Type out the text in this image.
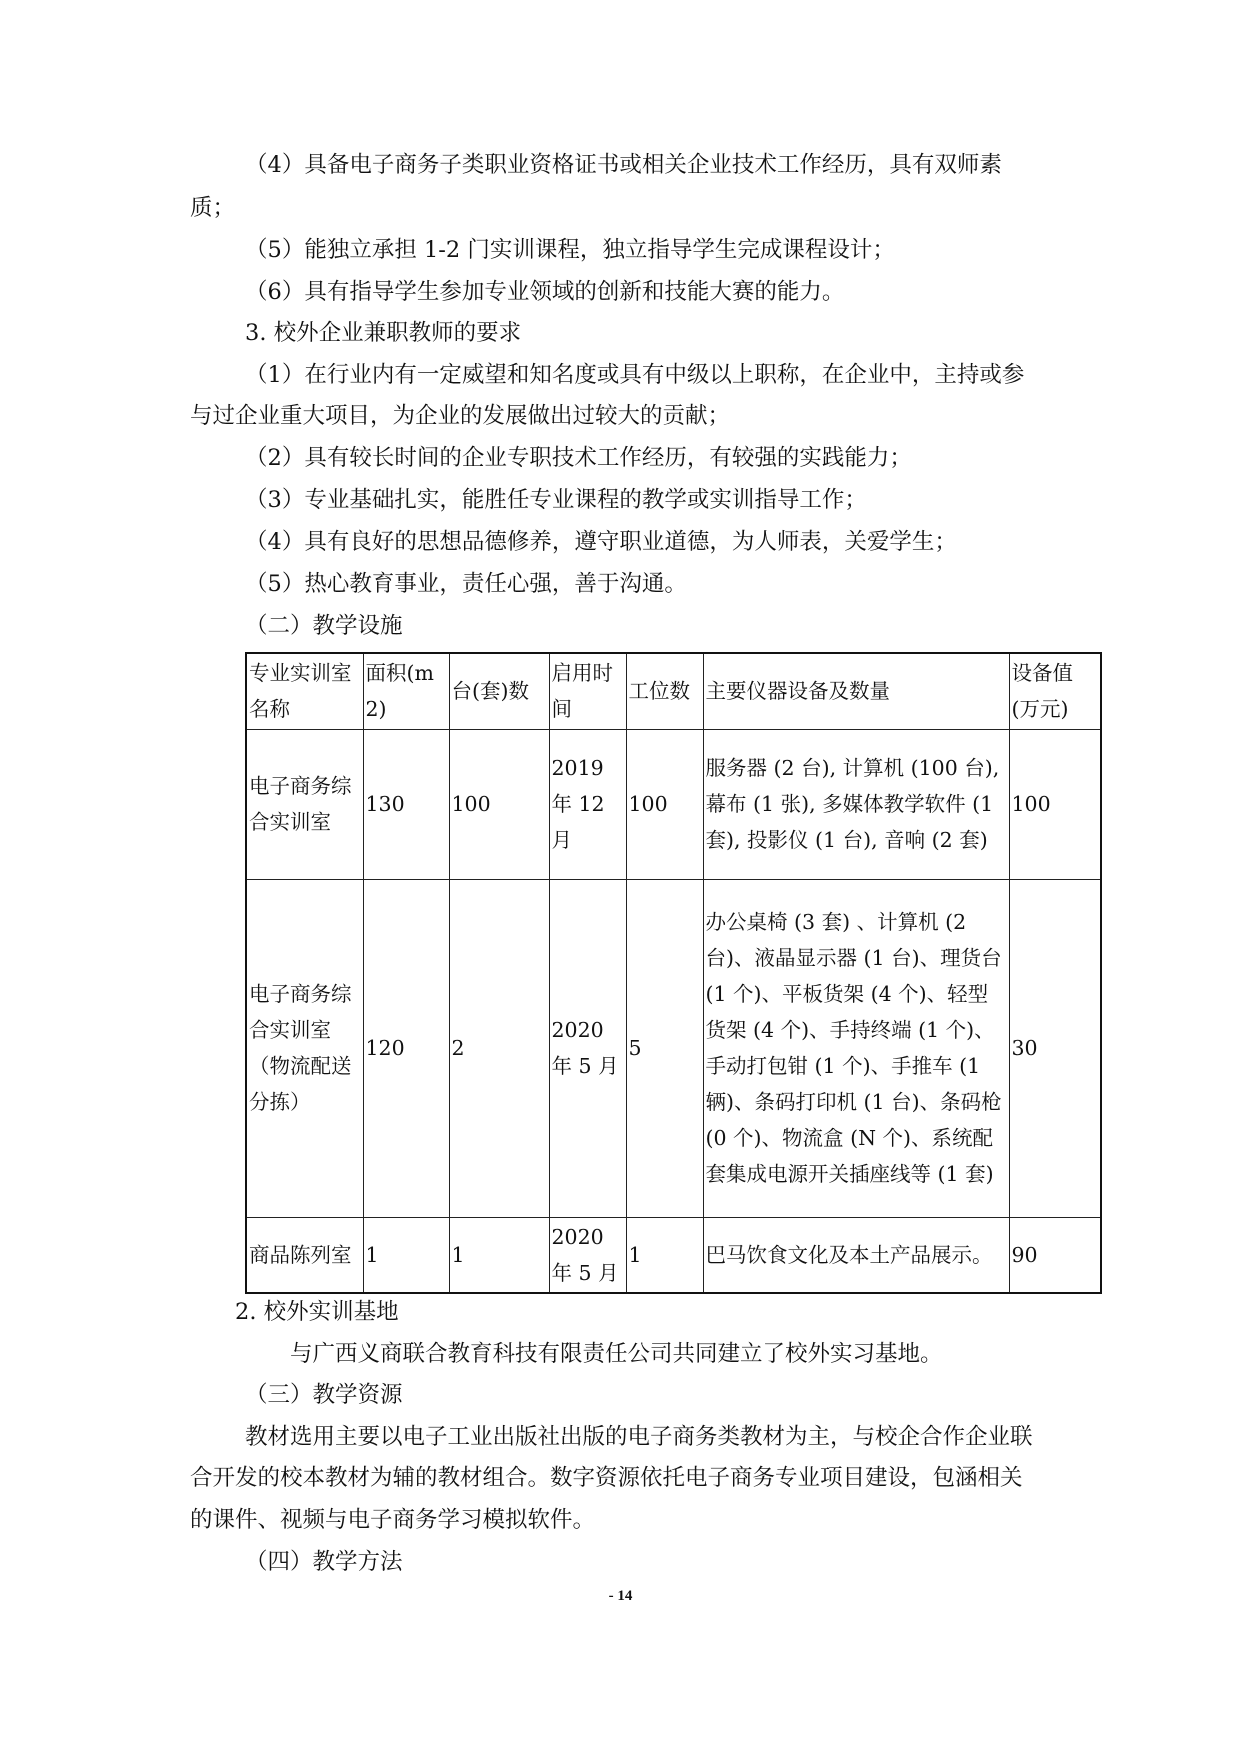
（4）具备电子商务子类职业资格证书或相关企业技术工作经历，具有双师素
质；
（5）能独立承担 1-2 门实训课程，独立指导学生完成课程设计；
（6）具有指导学生参加专业领域的创新和技能大赛的能力。
3. 校外企业兼职教师的要求
（1）在行业内有一定威望和知名度或具有中级以上职称，在企业中，主持或参
与过企业重大项目，为企业的发展做出过较大的贡献；
（2）具有较长时间的企业专职技术工作经历，有较强的实践能力；
（3）专业基础扎实，能胜任专业课程的教学或实训指导工作；
（4）具有良好的思想品德修养，遵守职业道德，为人师表，关爱学生；
（5）热心教育事业，责任心强，善于沟通。
（二）教学设施
专业实训室名称	面积(m2)	台(套)数	启用时间	工位数	主要仪器设备及数量	设备值(万元)
电子商务综合实训室	130	100	2019 年 12 月	100	服务器 (2 台), 计算机 (100 台), 幕布 (1 张), 多媒体教学软件 (1 套), 投影仪 (1 台), 音响 (2 套)	100
电子商务综合实训室（物流配送分拣）	120	2	2020 年 5 月	5	办公桌椅 (3 套) 、计算机 (2 台)、液晶显示器 (1 台)、理货台 (1 个)、平板货架 (4 个)、轻型货架 (4 个)、手持终端 (1 个)、手动打包钳 (1 个)、手推车 (1 辆)、条码打印机 (1 台)、条码枪 (0 个)、物流盒 (N 个)、系统配套集成电源开关插座线等 (1 套)	30
商品陈列室	1	1	2020 年 5 月	1	巴马饮食文化及本土产品展示。	90
2. 校外实训基地
与广西义商联合教育科技有限责任公司共同建立了校外实习基地。
（三）教学资源
教材选用主要以电子工业出版社出版的电子商务类教材为主，与校企合作企业联
合开发的校本教材为辅的教材组合。数字资源依托电子商务专业项目建设，包涵相关
的课件、视频与电子商务学习模拟软件。
（四）教学方法
- 14
